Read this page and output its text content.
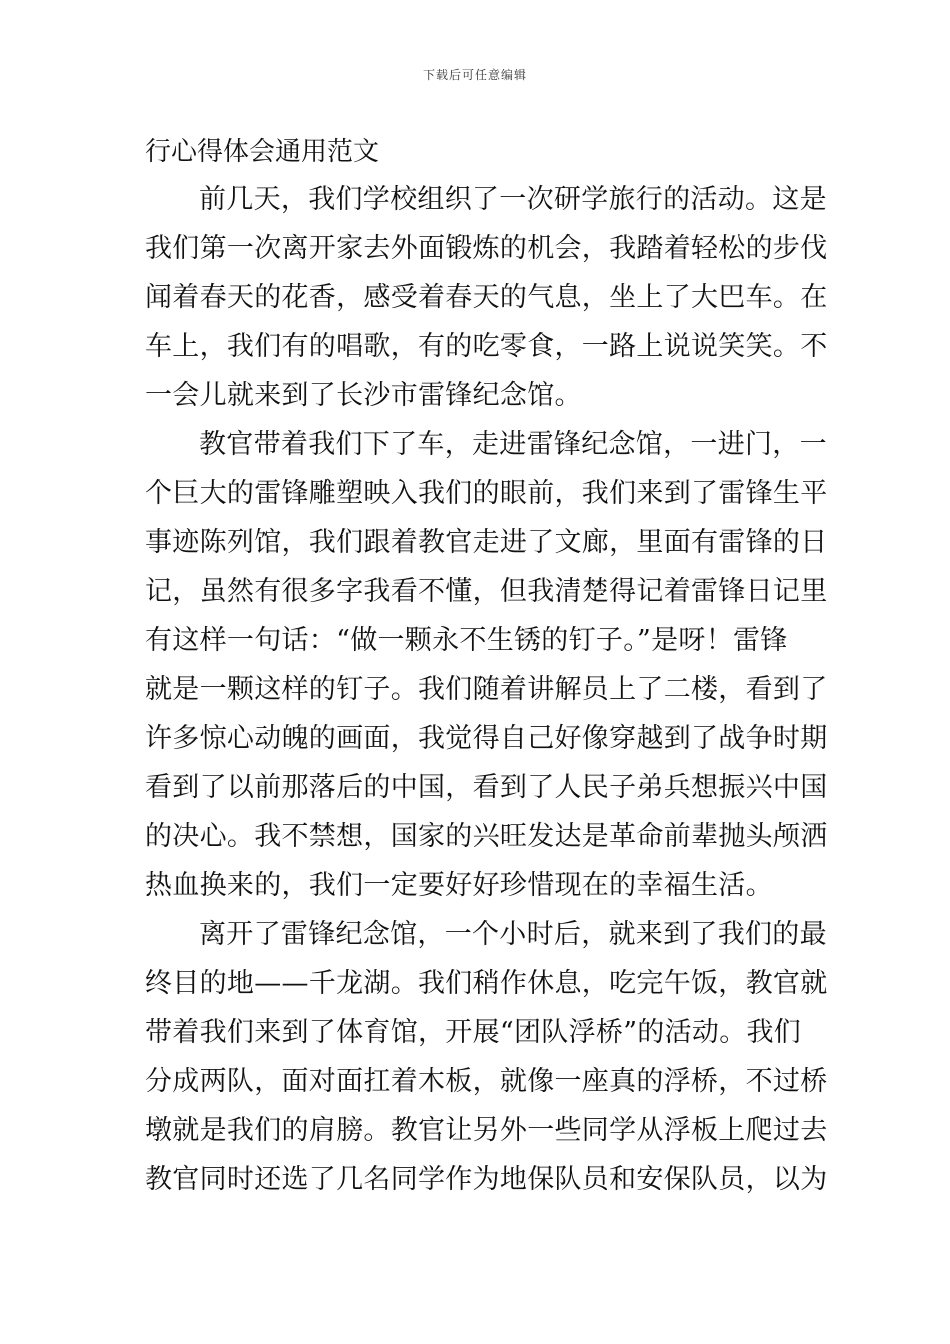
下载后可任意编辑
行心得体会通用范文
前几天，我们学校组织了一次研学旅行的活动。这是
我们第一次离开家去外面锻炼的机会，我踏着轻松的步伐
闻着春天的花香，感受着春天的气息，坐上了大巴车。在
车上，我们有的唱歌，有的吃零食，一路上说说笑笑。不
一会儿就来到了长沙市雷锋纪念馆。
教官带着我们下了车，走进雷锋纪念馆，一进门，一
个巨大的雷锋雕塑映入我们的眼前，我们来到了雷锋生平
事迹陈列馆，我们跟着教官走进了文廊，里面有雷锋的日
记，虽然有很多字我看不懂，但我清楚得记着雷锋日记里
有这样一句话：“做一颗永不生锈的钉子。”是呀！雷锋
就是一颗这样的钉子。我们随着讲解员上了二楼，看到了
许多惊心动魄的画面，我觉得自己好像穿越到了战争时期
看到了以前那落后的中国，看到了人民子弟兵想振兴中国
的决心。我不禁想，国家的兴旺发达是革命前辈抛头颅洒
热血换来的，我们一定要好好珍惜现在的幸福生活。
离开了雷锋纪念馆，一个小时后，就来到了我们的最
终目的地——千龙湖。我们稍作休息，吃完午饭，教官就
带着我们来到了体育馆，开展“团队浮桥”的活动。我们
分成两队，面对面扛着木板，就像一座真的浮桥，不过桥
墩就是我们的肩膀。教官让另外一些同学从浮板上爬过去
教官同时还选了几名同学作为地保队员和安保队员，以为
